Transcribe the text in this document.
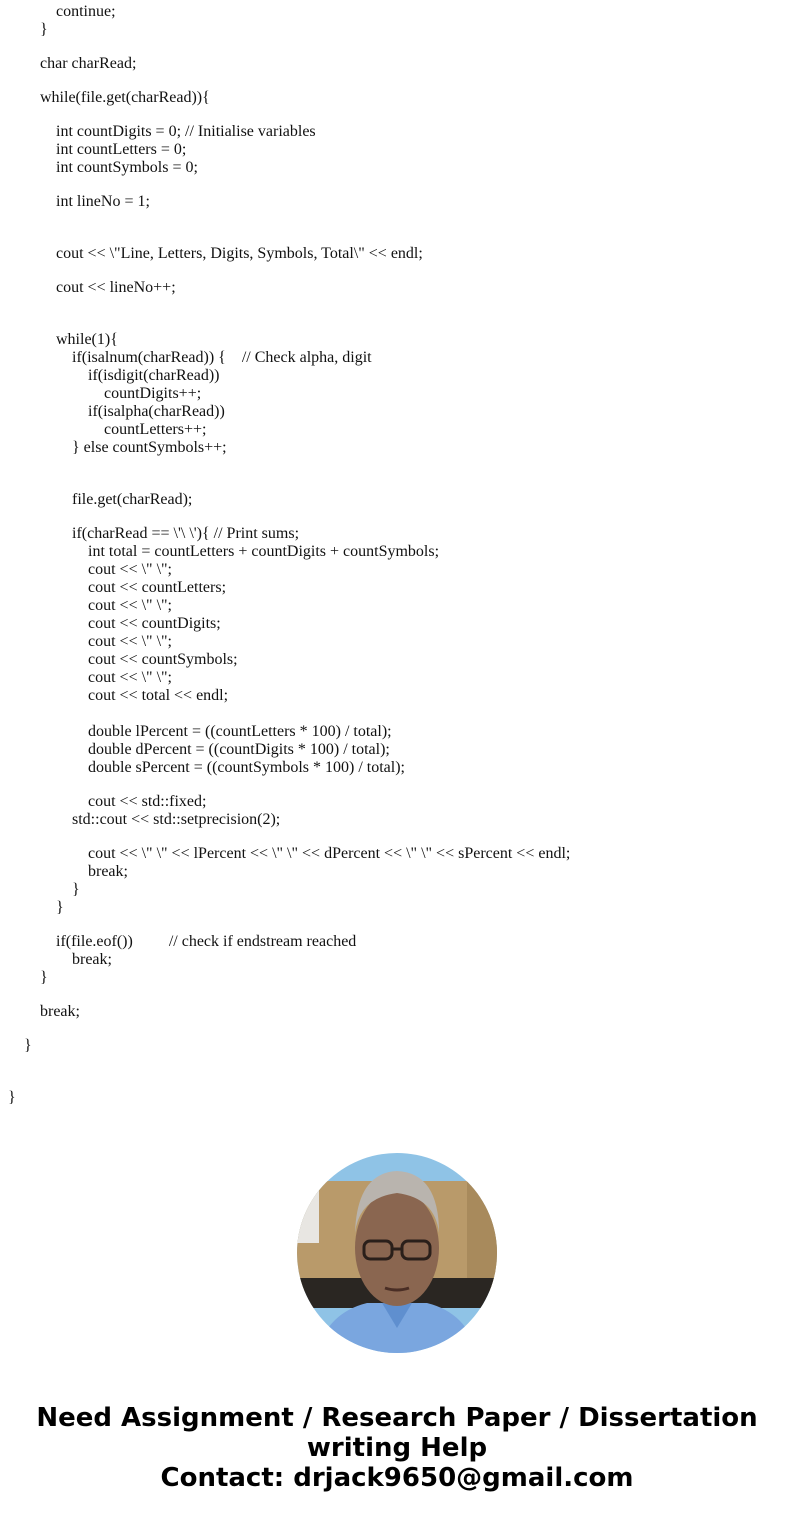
continue;
}
char charRead;
while(file.get(charRead)){
int countDigits = 0; // Initialise variables
int countLetters = 0;
int countSymbols = 0;
int lineNo = 1;
cout << \"Line, Letters, Digits, Symbols, Total\" << endl;
cout << lineNo++;
while(1){
if(isalnum(charRead)) {    // Check alpha, digit
if(isdigit(charRead))
countDigits++;
if(isalpha(charRead))
countLetters++;
} else countSymbols++;
file.get(charRead);
if(charRead == \'\ \'){ // Print sums;
int total = countLetters + countDigits + countSymbols;
cout << \" \";
cout << countLetters;
cout << \" \";
cout << countDigits;
cout << \" \";
cout << countSymbols;
cout << \" \";
cout << total << endl;
double lPercent = ((countLetters * 100) / total);
double dPercent = ((countDigits * 100) / total);
double sPercent = ((countSymbols * 100) / total);
cout << std::fixed;
std::cout << std::setprecision(2);
cout << \" \" << lPercent << \" \" << dPercent << \" \" << sPercent << endl;
break;
}
}
if(file.eof())         // check if endstream reached
break;
}
break;
}
}
Need Assignment / Research Paper / Dissertation
writing Help
Contact: drjack9650@gmail.com
